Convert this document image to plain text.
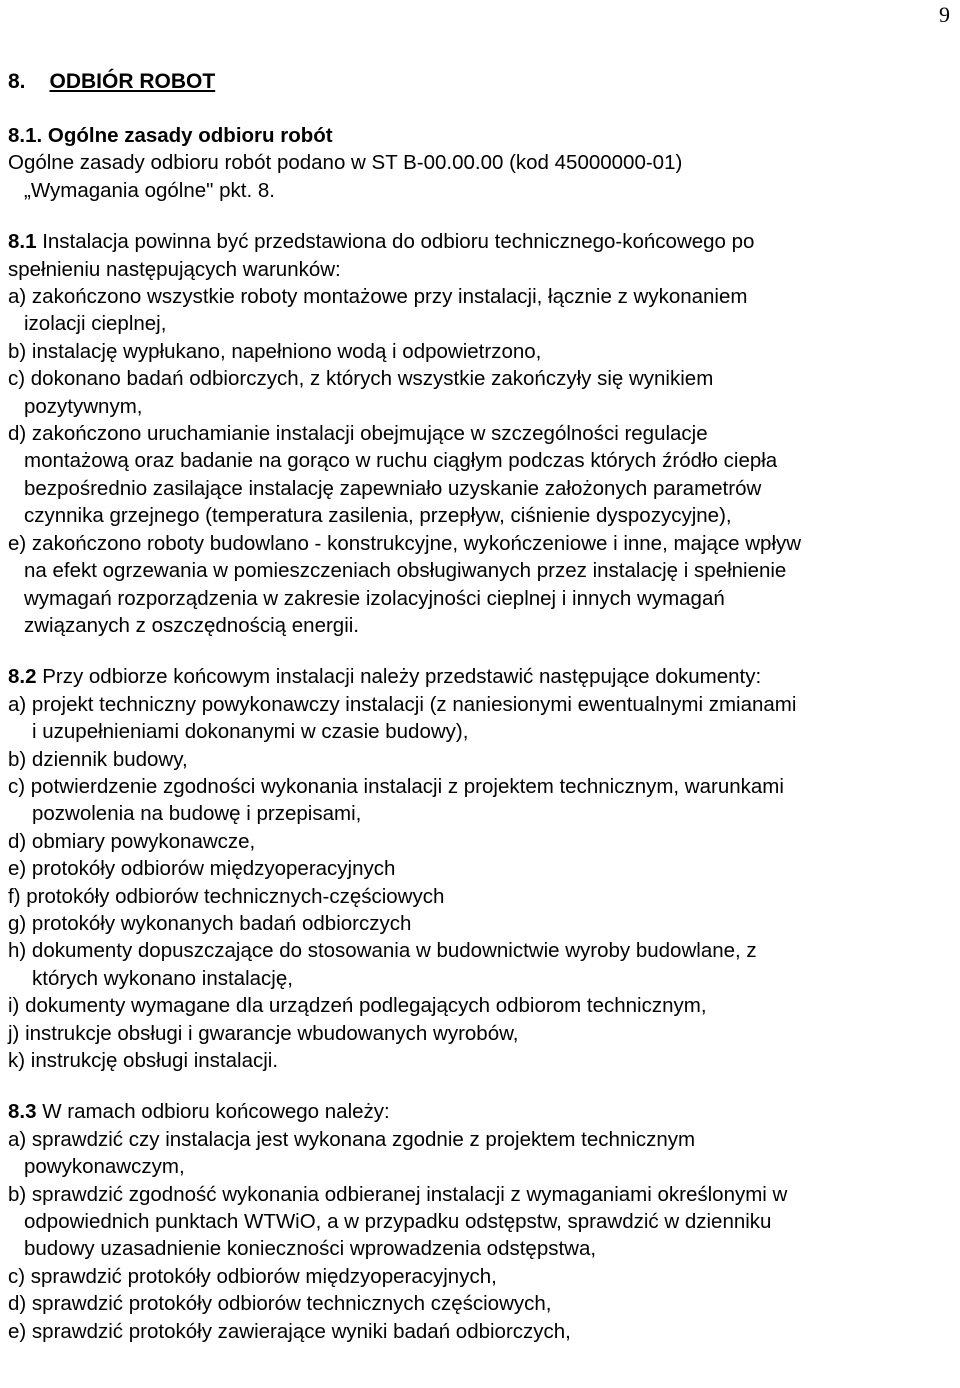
9
8. ODBIÓR ROBOT
8.1. Ogólne zasady odbioru robót
Ogólne zasady odbioru robót podano w ST B-00.00.00 (kod 45000000-01)
„Wymagania ogólne" pkt. 8.
8.1 Instalacja powinna być przedstawiona do odbioru technicznego-końcowego po
spełnieniu następujących warunków:
a) zakończono wszystkie roboty montażowe przy instalacji, łącznie z wykonaniem
izolacji cieplnej,
b) instalację wypłukano, napełniono wodą i odpowietrzono,
c) dokonano badań odbiorczych, z których wszystkie zakończyły się wynikiem
pozytywnym,
d) zakończono uruchamianie instalacji obejmujące w szczególności regulacje
montażową oraz badanie na gorąco w ruchu ciągłym podczas których źródło ciepła
bezpośrednio zasilające instalację zapewniało uzyskanie założonych parametrów
czynnika grzejnego (temperatura zasilenia, przepływ, ciśnienie dyspozycyjne),
e) zakończono roboty budowlano - konstrukcyjne, wykończeniowe i inne, mające wpływ
na efekt ogrzewania w pomieszczeniach obsługiwanych przez instalację i spełnienie
wymagań rozporządzenia w zakresie izolacyjności cieplnej i innych wymagań
związanych z oszczędnością energii.
8.2 Przy odbiorze końcowym instalacji należy przedstawić następujące dokumenty:
a) projekt techniczny powykonawczy instalacji (z naniesionymi ewentualnymi zmianami
i uzupełnieniami dokonanymi w czasie budowy),
b) dziennik budowy,
c) potwierdzenie zgodności wykonania instalacji z projektem technicznym, warunkami
pozwolenia na budowę i przepisami,
d) obmiary powykonawcze,
e) protokóły odbiorów międzyoperacyjnych
f) protokóły odbiorów technicznych-częściowych
g) protokóły wykonanych badań odbiorczych
h) dokumenty dopuszczające do stosowania w budownictwie wyroby budowlane, z
których wykonano instalację,
i) dokumenty wymagane dla urządzeń podlegających odbiorom technicznym,
j) instrukcje obsługi i gwarancje wbudowanych wyrobów,
k) instrukcję obsługi instalacji.
8.3 W ramach odbioru końcowego należy:
a) sprawdzić czy instalacja jest wykonana zgodnie z projektem technicznym
powykonawczym,
b) sprawdzić zgodność wykonania odbieranej instalacji z wymaganiami określonymi w
odpowiednich punktach WTWiO, a w przypadku odstępstw, sprawdzić w dzienniku
budowy uzasadnienie konieczności wprowadzenia odstępstwa,
c) sprawdzić protokóły odbiorów międzyoperacyjnych,
d) sprawdzić protokóły odbiorów technicznych częściowych,
e) sprawdzić protokóły zawierające wyniki badań odbiorczych,
